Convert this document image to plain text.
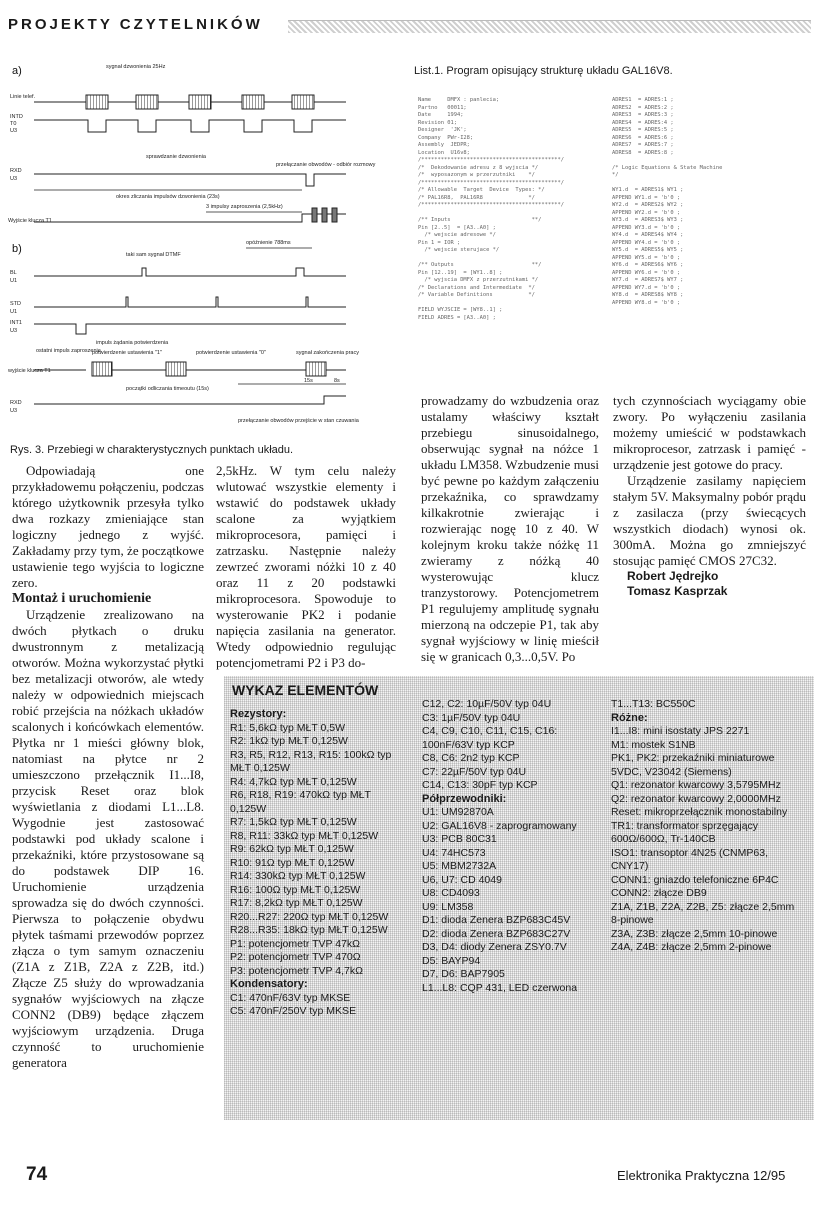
PROJEKTY CZYTELNIKÓW
a)
b)
Linie telef.
INTD
T0
U3
RXD
U3
Wyjście klucza T1
sygnał dzwonienia 25Hz
sprawdzanie dzwonienia
przełączanie obwodów - odbiór rozmowy
okres zliczania impulsów dzwonienia (23s)
3 impulsy zaproszenia (2,5kHz)
opóźnienie 788ms
BL
U1
STD
U1
INT1
U3
wyjście klucza T1
RXD
U3
taki sam sygnał DTMF
impuls żądania potwierdzenia
ostatni impuls zaproszenia
potwierdzenie ustawienia "1"	potwierdzenie ustawienia "0"	sygnał zakończenia pracy
15s	8s
początki odliczania timeoutu (15s)
przełączanie obwodów przejście w stan czuwania
Rys. 3. Przebiegi w charakterystycznych punktach układu.
List.1. Program opisujący strukturę układu GAL16V8.
Name     DMFX : panlecia;
Partno   00011;
Date     1994;
Revision 01;
Designer  'JK';
Company  PWr-I28;
Assembly  JEDPR;
Location  U16v8;
/*******************************************/
/*  Dekodowanie adresu z 8 wyjscia */
/*  wyposazonym w przerzutniki    */
/*******************************************/
/* Allowable  Target  Device  Types: */
/* PAL16R8,  PAL16R8              */
/*******************************************/

/** Inputs                         **/
Pin [2..5]  = [A3..A0] ;
/* wejscie adresowe */
Pin 1 = IOR ;
/* wejscie sterujace */

/** Outputs                        **/
Pin [12..19]  = [WY1..8] ;
/* wyjscia DMFX z przerzutnikami */
/* Declarations and Intermediate  */
/* Variable Definitions           */

FIELD WYJSCIE = [WY8..1] ;
FIELD ADRES = [A3..A0] ;
ADRES1  = ADRES:1 ;
ADRES2  = ADRES:2 ;
ADRES3  = ADRES:3 ;
ADRES4  = ADRES:4 ;
ADRES5  = ADRES:5 ;
ADRES6  = ADRES:6 ;
ADRES7  = ADRES:7 ;
ADRES8  = ADRES:8 ;

/* Logic Equations & State Machine
*/

WY1.d  = ADRES1$ WY1 ;
APPEND WY1.d = 'b'0 ;
WY2.d  = ADRES2$ WY2 ;
APPEND WY2.d = 'b'0 ;
WY3.d  = ADRES3$ WY3 ;
APPEND WY3.d = 'b'0 ;
WY4.d  = ADRES4$ WY4 ;
APPEND WY4.d = 'b'0 ;
WY5.d  = ADRES5$ WY5 ;
APPEND WY5.d = 'b'0 ;
WY6.d  = ADRES6$ WY6 ;
APPEND WY6.d = 'b'0 ;
WY7.d  = ADRES7$ WY7 ;
APPEND WY7.d = 'b'0 ;
WY8.d  = ADRES8$ WY8 ;
APPEND WY8.d = 'b'0 ;

Odpowiadają one przykładowemu połączeniu, podczas którego użytkownik przesyła tylko dwa rozkazy zmieniające stan logiczny jednego z wyjść. Zakładamy przy tym, że początkowe ustawienie tego wyjścia to logiczne zero.

Montaż i uruchomienie

Urządzenie zrealizowano na dwóch płytkach o druku dwustronnym z metalizacją otworów. Można wykorzystać płytki bez metalizacji otworów, ale wtedy należy w odpowiednich miejscach robić przejścia na nóżkach układów scalonych i końcówkach elementów. Płytka nr 1 mieści główny blok, natomiast na płytce nr 2 umieszczono przełącznik I1...I8, przycisk Reset oraz blok wyświetlania z diodami L1...L8. Wygodnie jest zastosować podstawki pod układy scalone i przekaźniki, które przystosowane są do podstawek DIP 16. Uruchomienie urządzenia sprowadza się do dwóch czynności. Pierwsza to połączenie obydwu płytek taśmami przewodów poprzez złącza o tym samym oznaczeniu (Z1A z Z1B, Z2A z Z2B, itd.) Złącze Z5 służy do wprowadzania sygnałów wyjściowych na złącze CONN2 (DB9) będące złączem wyjściowym urządzenia. Druga czynność to uruchomienie generatora

2,5kHz. W tym celu należy wlutować wszystkie elementy i wstawić do podstawek układy scalone za wyjątkiem mikroprocesora, pamięci i zatrzasku. Następnie należy zewrzeć zworami nóżki 10 z 40 oraz 11 z 20 podstawki mikroprocesora. Spowoduje to wysterowanie PK2 i podanie napięcia zasilania na generator. Wtedy odpowiednio regulując potencjometrami P2 i P3 do-

prowadzamy do wzbudzenia oraz ustalamy właściwy kształt przebiegu sinusoidalnego, obserwując sygnał na nóżce 1 układu LM358. Wzbudzenie musi być pewne po każdym załączeniu przekaźnika, co sprawdzamy kilkakrotnie zwierając i rozwierając nogę 10 z 40. W kolejnym kroku także nóżkę 11 zwieramy z nóżką 40 wysterowując klucz tranzystorowy. Potencjometrem P1 regulujemy amplitudę sygnału mierzoną na odczepie P1, tak aby sygnał wyjściowy w linię mieścił się w granicach 0,3...0,5V. Po

tych czynnościach wyciągamy obie zwory. Po wyłączeniu zasilania możemy umieścić w podstawkach mikroprocesor, zatrzask i pamięć - urządzenie jest gotowe do pracy.

Urządzenie zasilamy napięciem stałym 5V. Maksymalny pobór prądu z zasilacza (przy świecących wszystkich diodach) wynosi ok. 300mA. Można go zmniejszyć stosując pamięć CMOS 27C32.

Robert Jędrejko

Tomasz Kasprzak

WYKAZ ELEMENTÓW
Rezystory:
R1: 5,6kΩ typ MŁT 0,5W
R2: 1kΩ typ MŁT 0,125W
R3, R5, R12, R13, R15: 100kΩ typ MŁT 0,125W
R4: 4,7kΩ typ MŁT 0,125W
R6, R18, R19: 470kΩ typ MŁT 0,125W
R7: 1,5kΩ typ MŁT 0,125W
R8, R11: 33kΩ typ MŁT 0,125W
R9: 62kΩ typ MŁT 0,125W
R10: 91Ω typ MŁT 0,125W
R14: 330kΩ typ MŁT 0,125W
R16: 100Ω typ MŁT 0,125W
R17: 8,2kΩ typ MŁT 0,125W
R20...R27: 220Ω typ MŁT 0,125W
R28...R35: 18kΩ typ MŁT 0,125W
P1: potencjometr TVP 47kΩ
P2: potencjometr TVP 470Ω
P3: potencjometr TVP 4,7kΩ
Kondensatory:
C1: 470nF/63V typ MKSE
C5: 470nF/250V typ MKSE
C12, C2: 10µF/50V typ 04U
C3: 1µF/50V typ 04U
C4, C9, C10, C11, C15, C16: 100nF/63V typ KCP
C8, C6: 2n2 typ KCP
C7: 22µF/50V typ 04U
C14, C13: 30pF typ KCP
Półprzewodniki:
U1: UM92870A
U2: GAL16V8 - zaprogramowany
U3: PCB 80C31
U4: 74HC573
U5: MBM2732A
U6, U7: CD 4049
U8: CD4093
U9: LM358
D1: dioda Zenera BZP683C45V
D2: dioda Zenera BZP683C27V
D3, D4: diody Zenera ZSY0.7V
D5: BAYP94
D7, D6: BAP7905
L1...L8: CQP 431, LED czerwona
T1...T13: BC550C
Różne:
I1...I8: mini isostaty JPS 2271
M1: mostek S1NB
PK1, PK2: przekaźniki miniaturowe 5VDC, V23042 (Siemens)
Q1: rezonator kwarcowy 3,5795MHz
Q2: rezonator kwarcowy 2,0000MHz
Reset: mikroprzełącznik monostabilny
TR1: transformator sprzęgający 600Ω/600Ω, Tr-140CB
ISO1: transoptor 4N25 (CNMP63, CNY17)
CONN1: gniazdo telefoniczne 6P4C
CONN2: złącze DB9
Z1A, Z1B, Z2A, Z2B, Z5: złącze 2,5mm 8-pinowe
Z3A, Z3B: złącze 2,5mm 10-pinowe
Z4A, Z4B: złącze 2,5mm 2-pinowe
74	Elektronika Praktyczna 12/95
